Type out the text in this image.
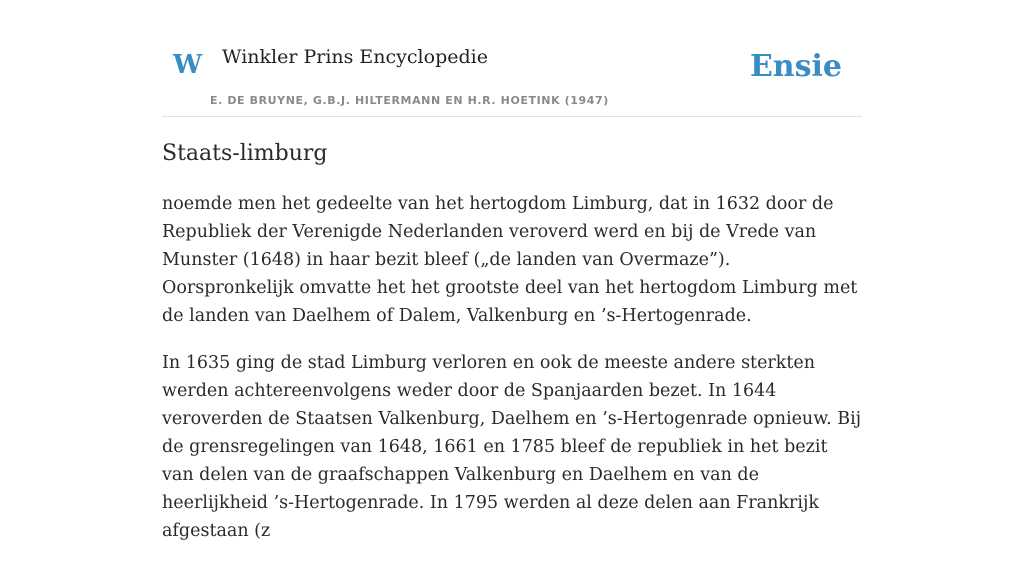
W Winkler Prins Encyclopedie
E. DE BRUYNE, G.B.J. HILTERMANN EN H.R. HOETINK (1947)
Ensie
Staats-limburg

noemde men het gedeelte van het hertogdom Limburg, dat in 1632 door de Republiek der Verenigde Nederlanden veroverd werd en bij de Vrede van Munster (1648) in haar bezit bleef („de landen van Overmaze”). Oorspronkelijk omvatte het het grootste deel van het hertogdom Limburg met de landen van Daelhem of Dalem, Valkenburg en ’s-Hertogenrade.

In 1635 ging de stad Limburg verloren en ook de meeste andere sterkten werden achtereenvolgens weder door de Spanjaarden bezet. In 1644 veroverden de Staatsen Valkenburg, Daelhem en ’s-Hertogenrade opnieuw. Bij de grensregelingen van 1648, 1661 en 1785 bleef de republiek in het bezit van delen van de graafschappen Valkenburg en Daelhem en van de heerlijkheid ’s-Hertogenrade. In 1795 werden al deze delen aan Frankrijk afgestaan (z
